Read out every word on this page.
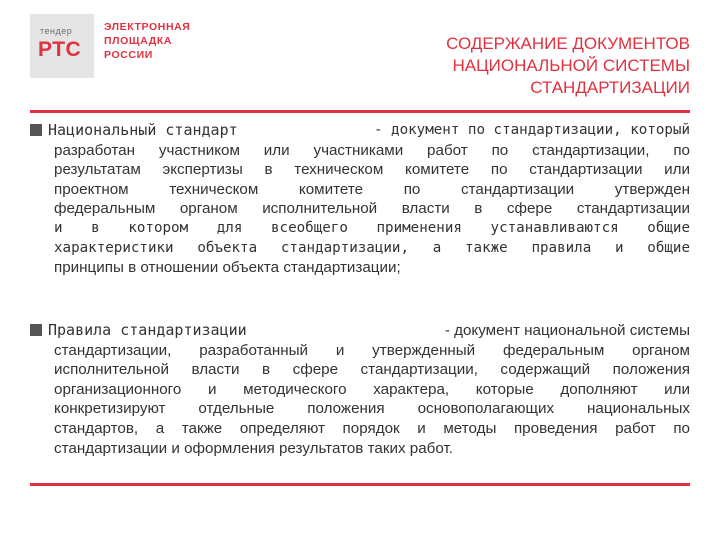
тендер
РТС
ЭЛЕКТРОННАЯ
ПЛОЩАДКА
РОССИИ
СОДЕРЖАНИЕ ДОКУМЕНТОВ
НАЦИОНАЛЬНОЙ СИСТЕМЫ
СТАНДАРТИЗАЦИИ
Национальный стандарт	- документ по стандартизации, который
разработан участником или участниками работ по стандартизации, по
результатам экспертизы в техническом комитете по стандартизации или
проектном техническом комитете по стандартизации утвержден
федеральным органом исполнительной власти в сфере стандартизации
и в котором для всеобщего применения устанавливаются общие
характеристики объекта стандартизации, а также правила и общие
принципы в отношении объекта стандартизации;
Правила стандартизации	- документ национальной системы
стандартизации, разработанный и утвержденный федеральным органом
исполнительной власти в сфере стандартизации, содержащий положения
организационного и методического характера, которые дополняют или
конкретизируют отдельные положения основополагающих национальных
стандартов, а также определяют порядок и методы проведения работ по
стандартизации и оформления результатов таких работ.
